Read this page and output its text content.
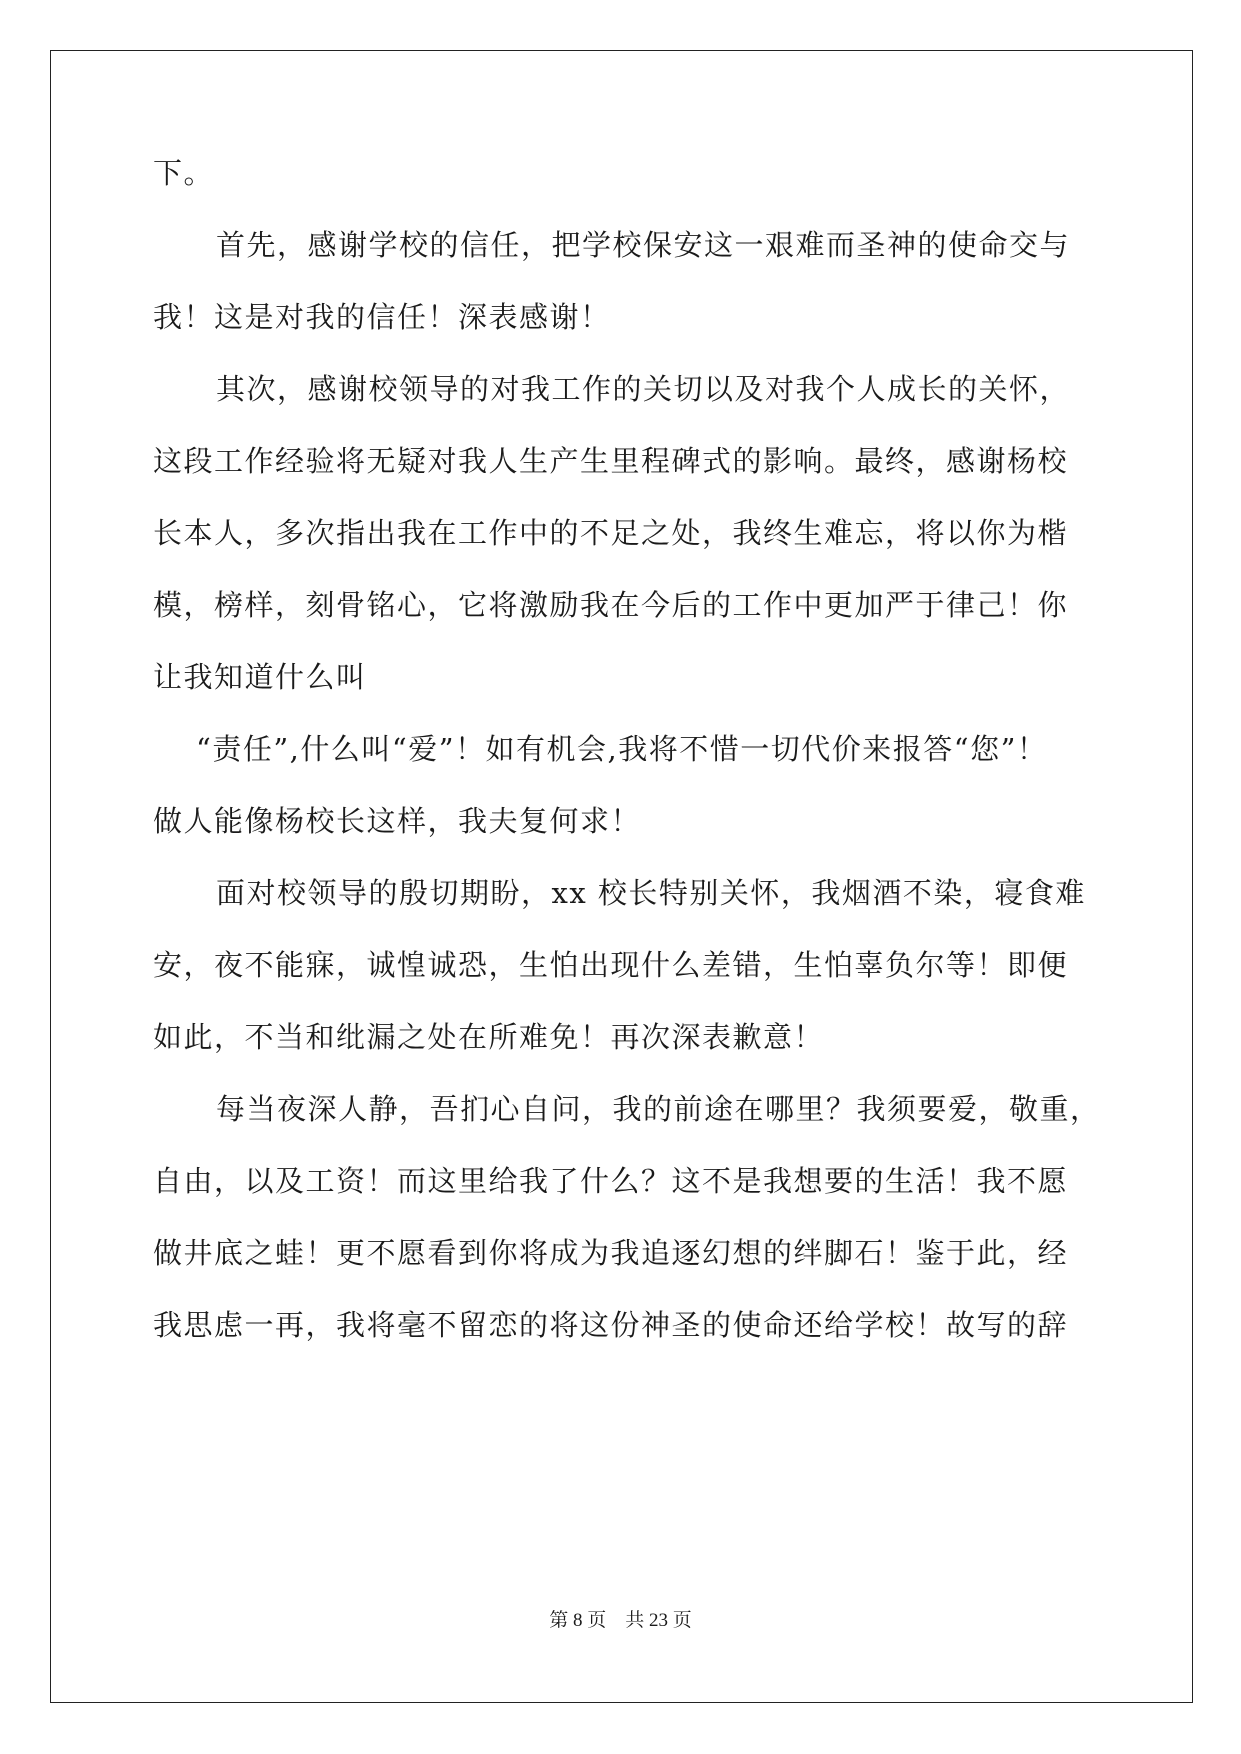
下。
首先，感谢学校的信任，把学校保安这一艰难而圣神的使命交与
我！这是对我的信任！深表感谢！
其次，感谢校领导的对我工作的关切以及对我个人成长的关怀，
这段工作经验将无疑对我人生产生里程碑式的影响。最终，感谢杨校
长本人，多次指出我在工作中的不足之处，我终生难忘，将以你为楷
模，榜样，刻骨铭心，它将激励我在今后的工作中更加严于律己！你
让我知道什么叫
“责任”,什么叫“爱”！如有机会,我将不惜一切代价来报答“您”！
做人能像杨校长这样，我夫复何求！
面对校领导的殷切期盼，xx 校长特别关怀，我烟酒不染，寝食难
安，夜不能寐，诚惶诚恐，生怕出现什么差错，生怕辜负尔等！即便
如此，不当和纰漏之处在所难免！再次深表歉意！
每当夜深人静，吾扪心自问，我的前途在哪里？我须要爱，敬重，
自由，以及工资！而这里给我了什么？这不是我想要的生活！我不愿
做井底之蛙！更不愿看到你将成为我追逐幻想的绊脚石！鉴于此，经
我思虑一再，我将毫不留恋的将这份神圣的使命还给学校！故写的辞
第 8 页 共 23 页
